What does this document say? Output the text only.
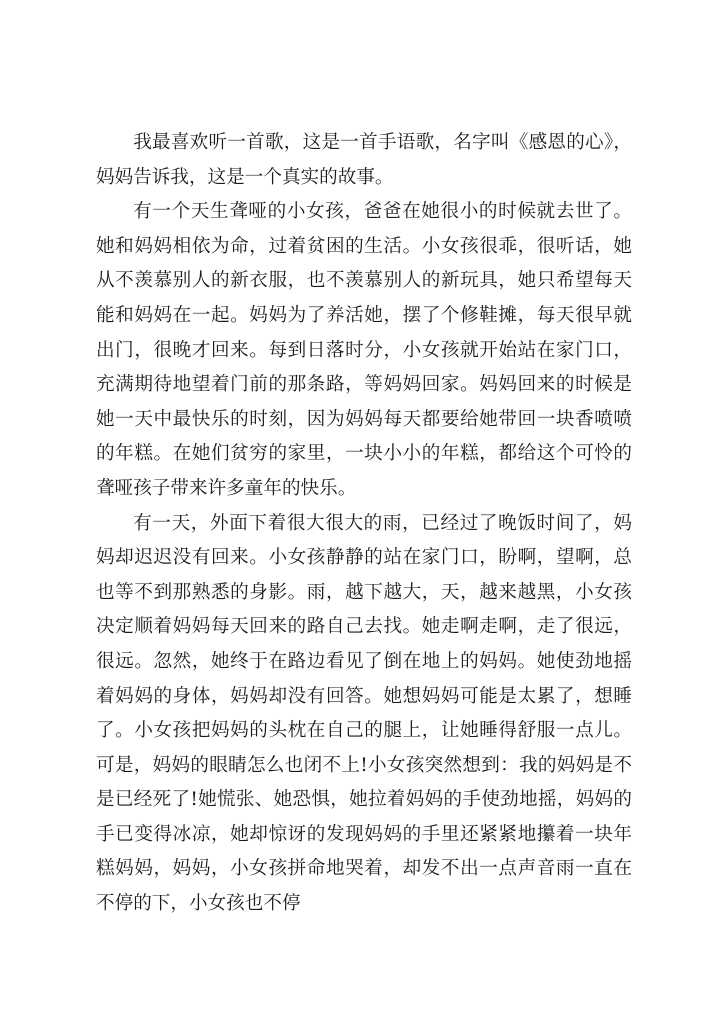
我最喜欢听一首歌，这是一首手语歌，名字叫《感恩的心》，妈妈告诉我，这是一个真实的故事。

有一个天生聋哑的小女孩，爸爸在她很小的时候就去世了。她和妈妈相依为命，过着贫困的生活。小女孩很乖，很听话，她从不羡慕别人的新衣服，也不羡慕别人的新玩具，她只希望每天能和妈妈在一起。妈妈为了养活她，摆了个修鞋摊，每天很早就出门，很晚才回来。每到日落时分，小女孩就开始站在家门口，充满期待地望着门前的那条路，等妈妈回家。妈妈回来的时候是她一天中最快乐的时刻，因为妈妈每天都要给她带回一块香喷喷的年糕。在她们贫穷的家里，一块小小的年糕，都给这个可怜的聋哑孩子带来许多童年的快乐。

有一天，外面下着很大很大的雨，已经过了晚饭时间了，妈妈却迟迟没有回来。小女孩静静的站在家门口，盼啊，望啊，总也等不到那熟悉的身影。雨，越下越大，天，越来越黑，小女孩决定顺着妈妈每天回来的路自己去找。她走啊走啊，走了很远，很远。忽然，她终于在路边看见了倒在地上的妈妈。她使劲地摇着妈妈的身体，妈妈却没有回答。她想妈妈可能是太累了，想睡了。小女孩把妈妈的头枕在自己的腿上，让她睡得舒服一点儿。可是，妈妈的眼睛怎么也闭不上!小女孩突然想到：我的妈妈是不是已经死了!她慌张、她恐惧，她拉着妈妈的手使劲地摇，妈妈的手已变得冰凉，她却惊讶的发现妈妈的手里还紧紧地攥着一块年糕妈妈，妈妈，小女孩拼命地哭着，却发不出一点声音雨一直在不停的下，小女孩也不停
